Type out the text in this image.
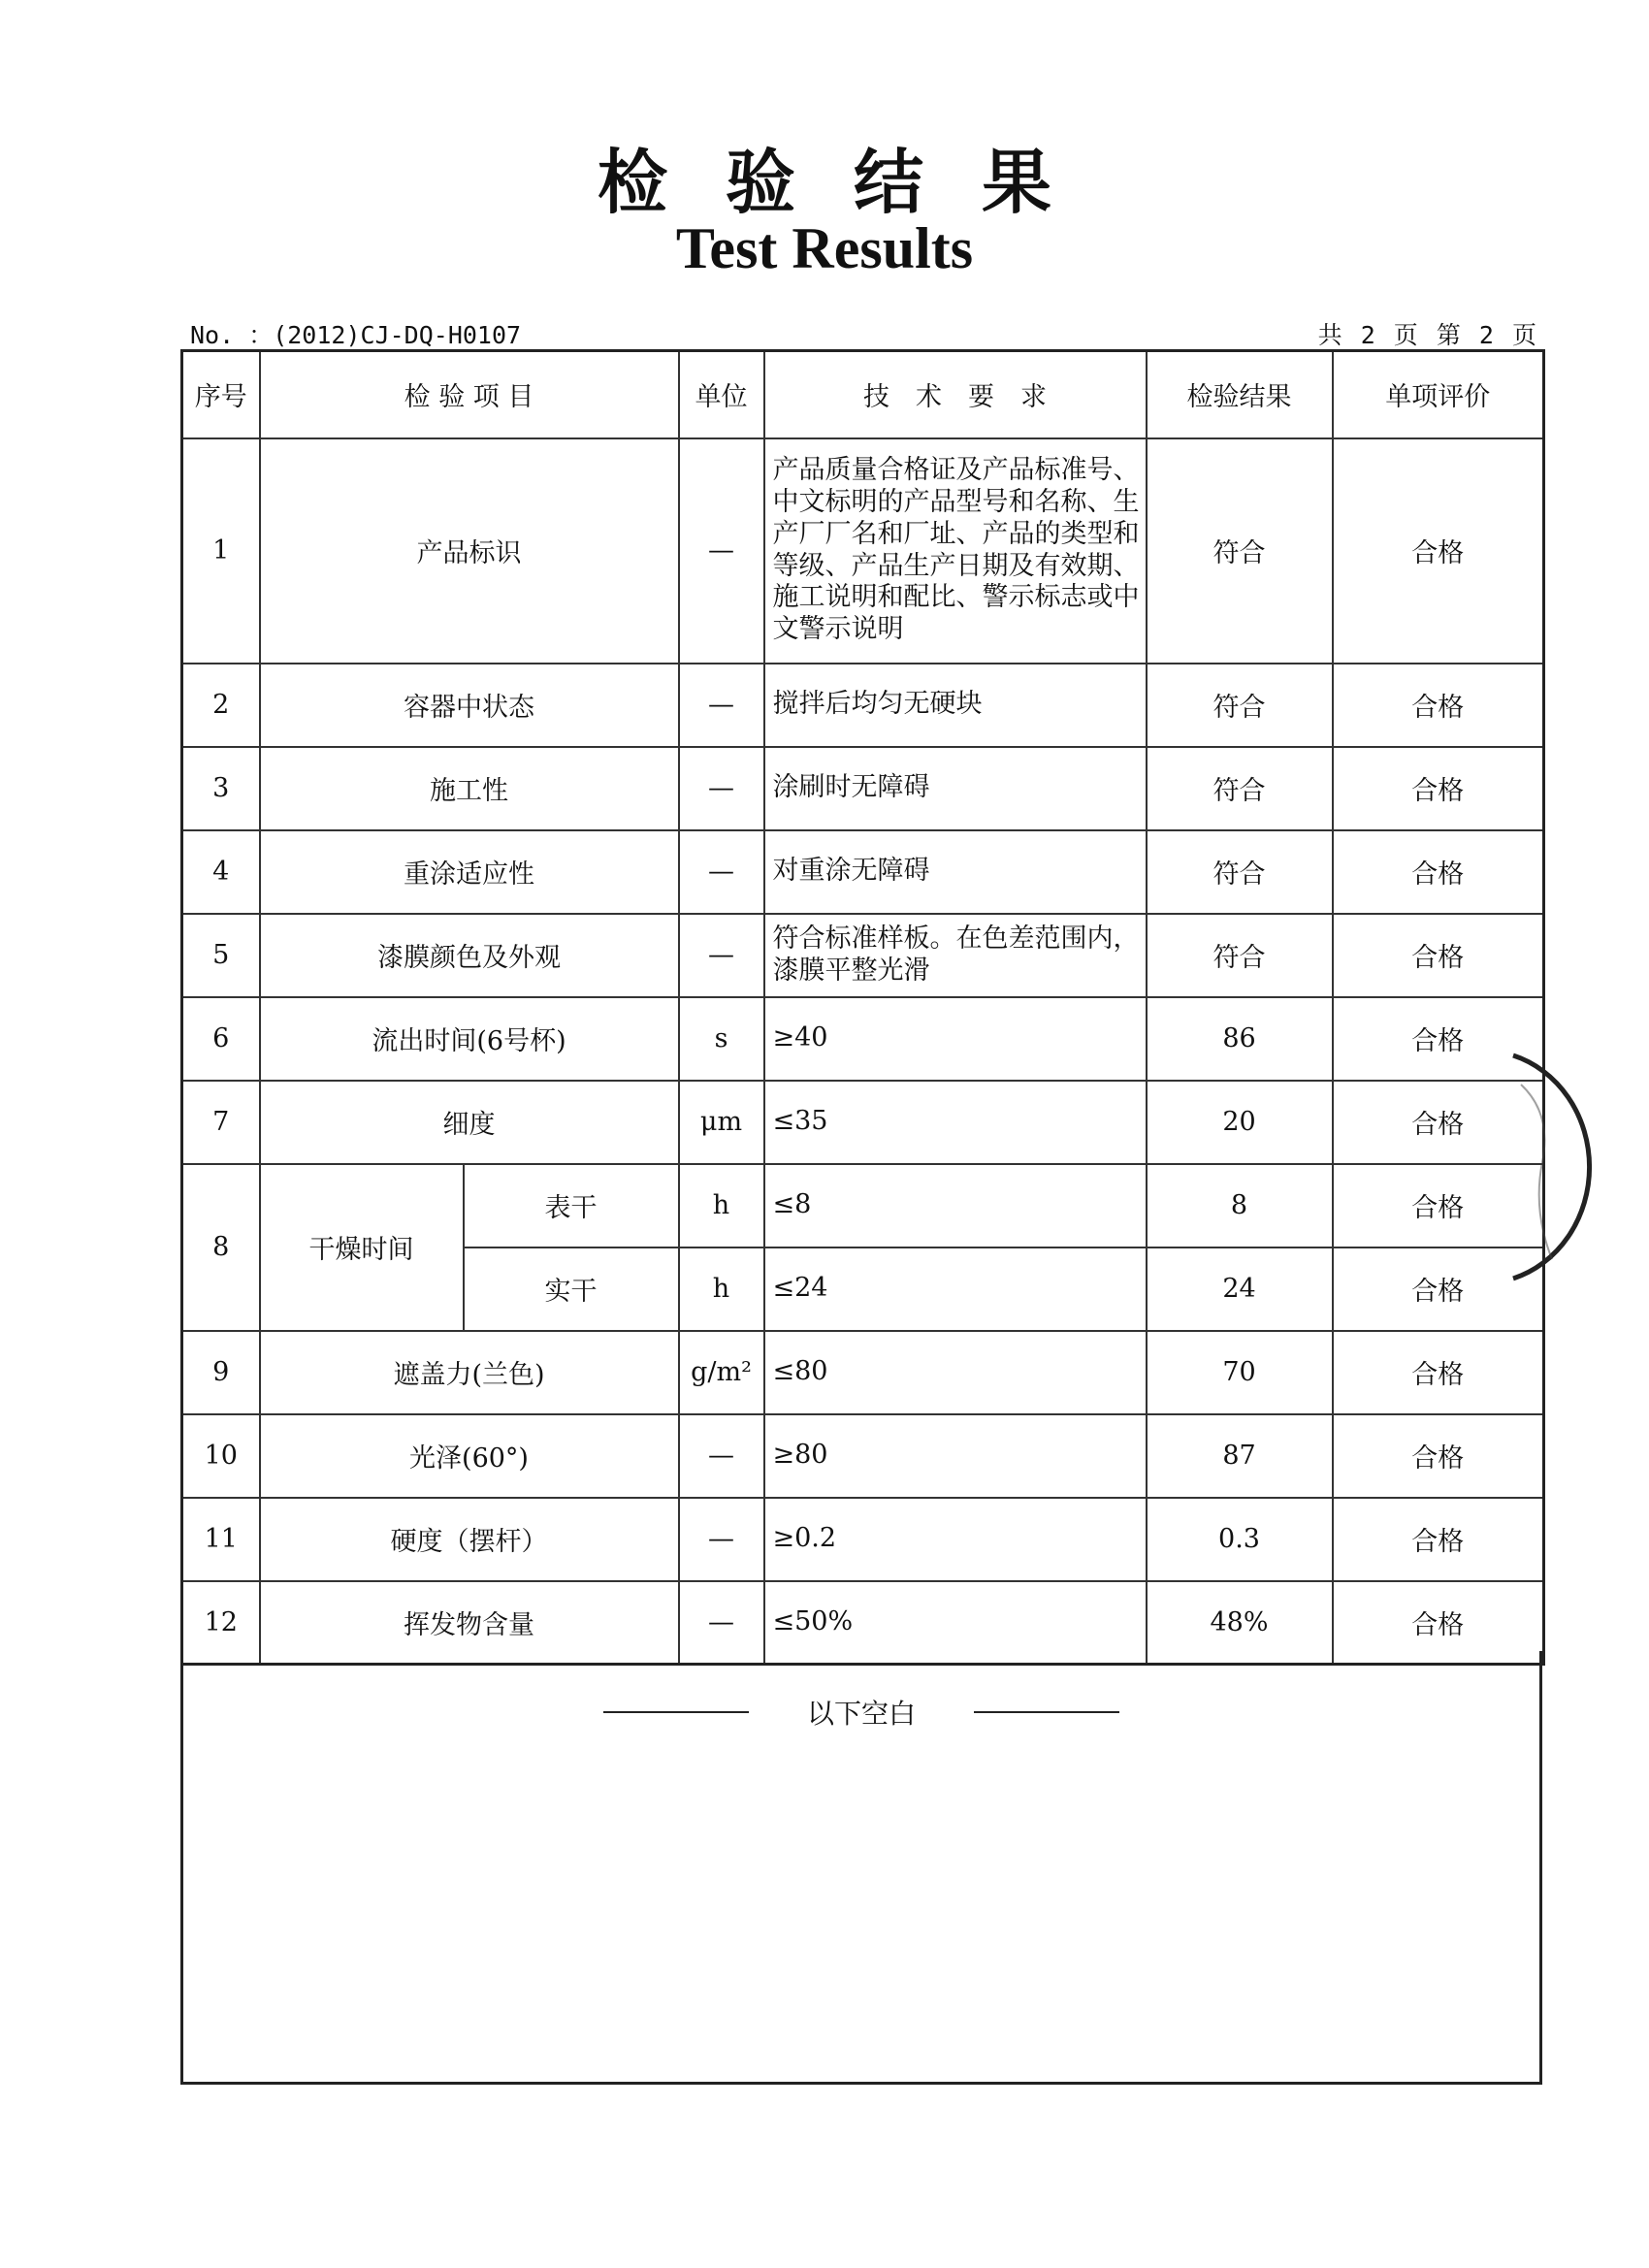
检验结果
Test Results
No. ：(2012)CJ-DQ-H0107	共 2 页 第 2 页
序号	检 验 项 目		单位	技　术　要　求	检验结果	单项评价
1	产品标识		—	产品质量合格证及产品标准号、中文标明的产品型号和名称、生产厂厂名和厂址、产品的类型和等级、产品生产日期及有效期、施工说明和配比、警示标志或中文警示说明	符合	合格
2	容器中状态		—	搅拌后均匀无硬块	符合	合格
3	施工性		—	涂刷时无障碍	符合	合格
4	重涂适应性		—	对重涂无障碍	符合	合格
5	漆膜颜色及外观		—	符合标准样板。在色差范围内，漆膜平整光滑	符合	合格
6	流出时间(6号杯)		s	≥40	86	合格
7	细度		μm	≤35	20	合格
8	干燥时间	表干	h	≤8	8	合格
		实干	h	≤24	24	合格
9	遮盖力(兰色)		g/m²	≤80	70	合格
10	光泽(60°)		—	≥80	87	合格
11	硬度（摆杆）		—	≥0.2	0.3	合格
12	挥发物含量		—	≤50%	48%	合格
以下空白
